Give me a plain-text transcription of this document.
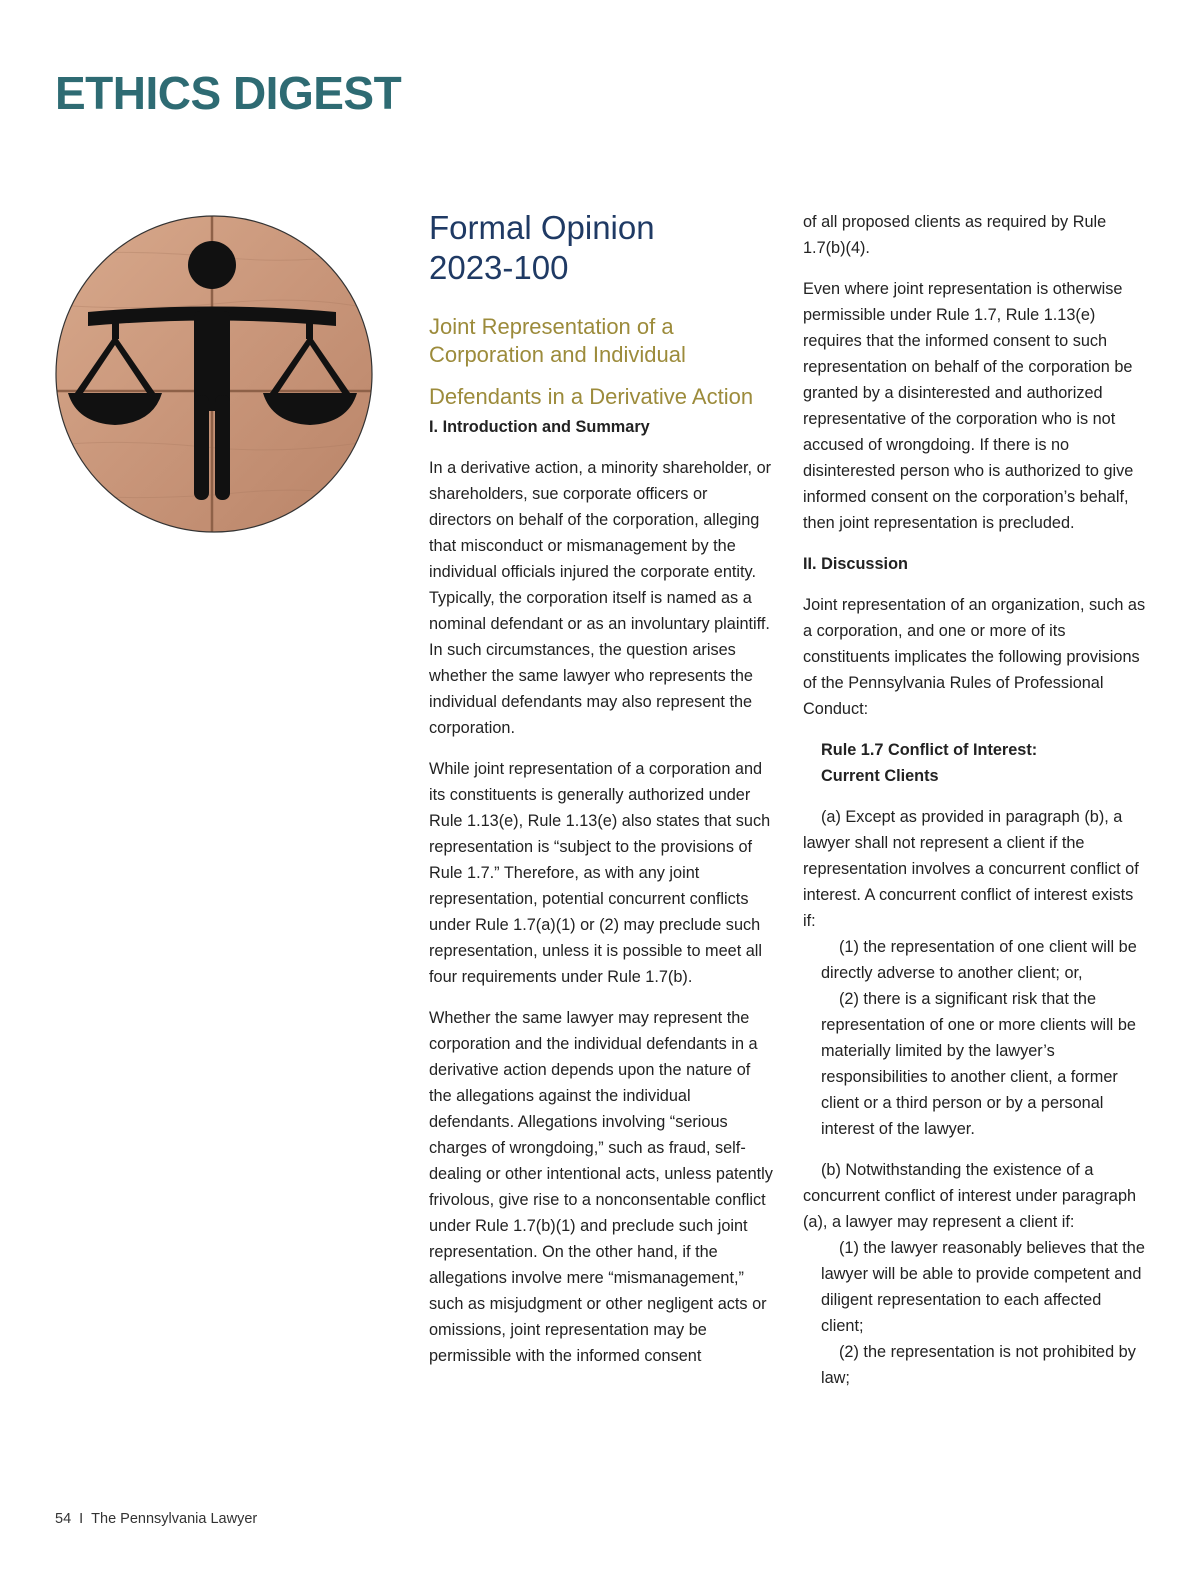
ETHICS DIGEST
Formal Opinion
2023-100
Joint Representation of a Corporation and Individual
Defendants in a Derivative Action

I. Introduction and Summary

In a derivative action, a minority shareholder, or shareholders, sue corporate officers or directors on behalf of the corporation, alleging that misconduct or mismanagement by the individual officials injured the corporate entity. Typically, the corporation itself is named as a nominal defendant or as an involuntary plaintiff. In such circumstances, the question arises whether the same lawyer who represents the individual defendants may also represent the corporation.

While joint representation of a corporation and its constituents is generally authorized under Rule 1.13(e), Rule 1.13(e) also states that such representation is “subject to the provisions of Rule 1.7.” Therefore, as with any joint representation, potential concurrent conflicts under Rule 1.7(a)(1) or (2) may preclude such representation, unless it is possible to meet all four requirements under Rule 1.7(b).

Whether the same lawyer may represent the corporation and the individual defendants in a derivative action depends upon the nature of the allegations against the individual defendants. Allegations involving “serious charges of wrongdoing,” such as fraud, self-dealing or other intentional acts, unless patently frivolous, give rise to a nonconsentable conflict under Rule 1.7(b)(1) and preclude such joint representation. On the other hand, if the allegations involve mere “mismanagement,” such as misjudgment or other negligent acts or omissions, joint representation may be permissible with the informed consent

of all proposed clients as required by Rule 1.7(b)(4).

Even where joint representation is otherwise permissible under Rule 1.7, Rule 1.13(e) requires that the informed consent to such representation on behalf of the corporation be granted by a disinterested and authorized representative of the corporation who is not accused of wrongdoing. If there is no disinterested person who is authorized to give informed consent on the corporation’s behalf, then joint representation is precluded.

II. Discussion

Joint representation of an organization, such as a corporation, and one or more of its constituents implicates the following provisions of the Pennsylvania Rules of Professional Conduct:

Rule 1.7 Conflict of Interest:

Current Clients

(a) Except as provided in paragraph (b), a lawyer shall not represent a client if the representation involves a concurrent conflict of interest. A concurrent conflict of interest exists if:

(1) the representation of one client will be directly adverse to another client; or,

(2) there is a significant risk that the representation of one or more clients will be materially limited by the lawyer’s responsibilities to another client, a former client or a third person or by a personal interest of the lawyer.

(b) Notwithstanding the existence of a concurrent conflict of interest under paragraph (a), a lawyer may represent a client if:

(1) the lawyer reasonably believes that the lawyer will be able to provide competent and diligent representation to each affected client;

(2) the representation is not prohibited by law;

54 I The Pennsylvania Lawyer
